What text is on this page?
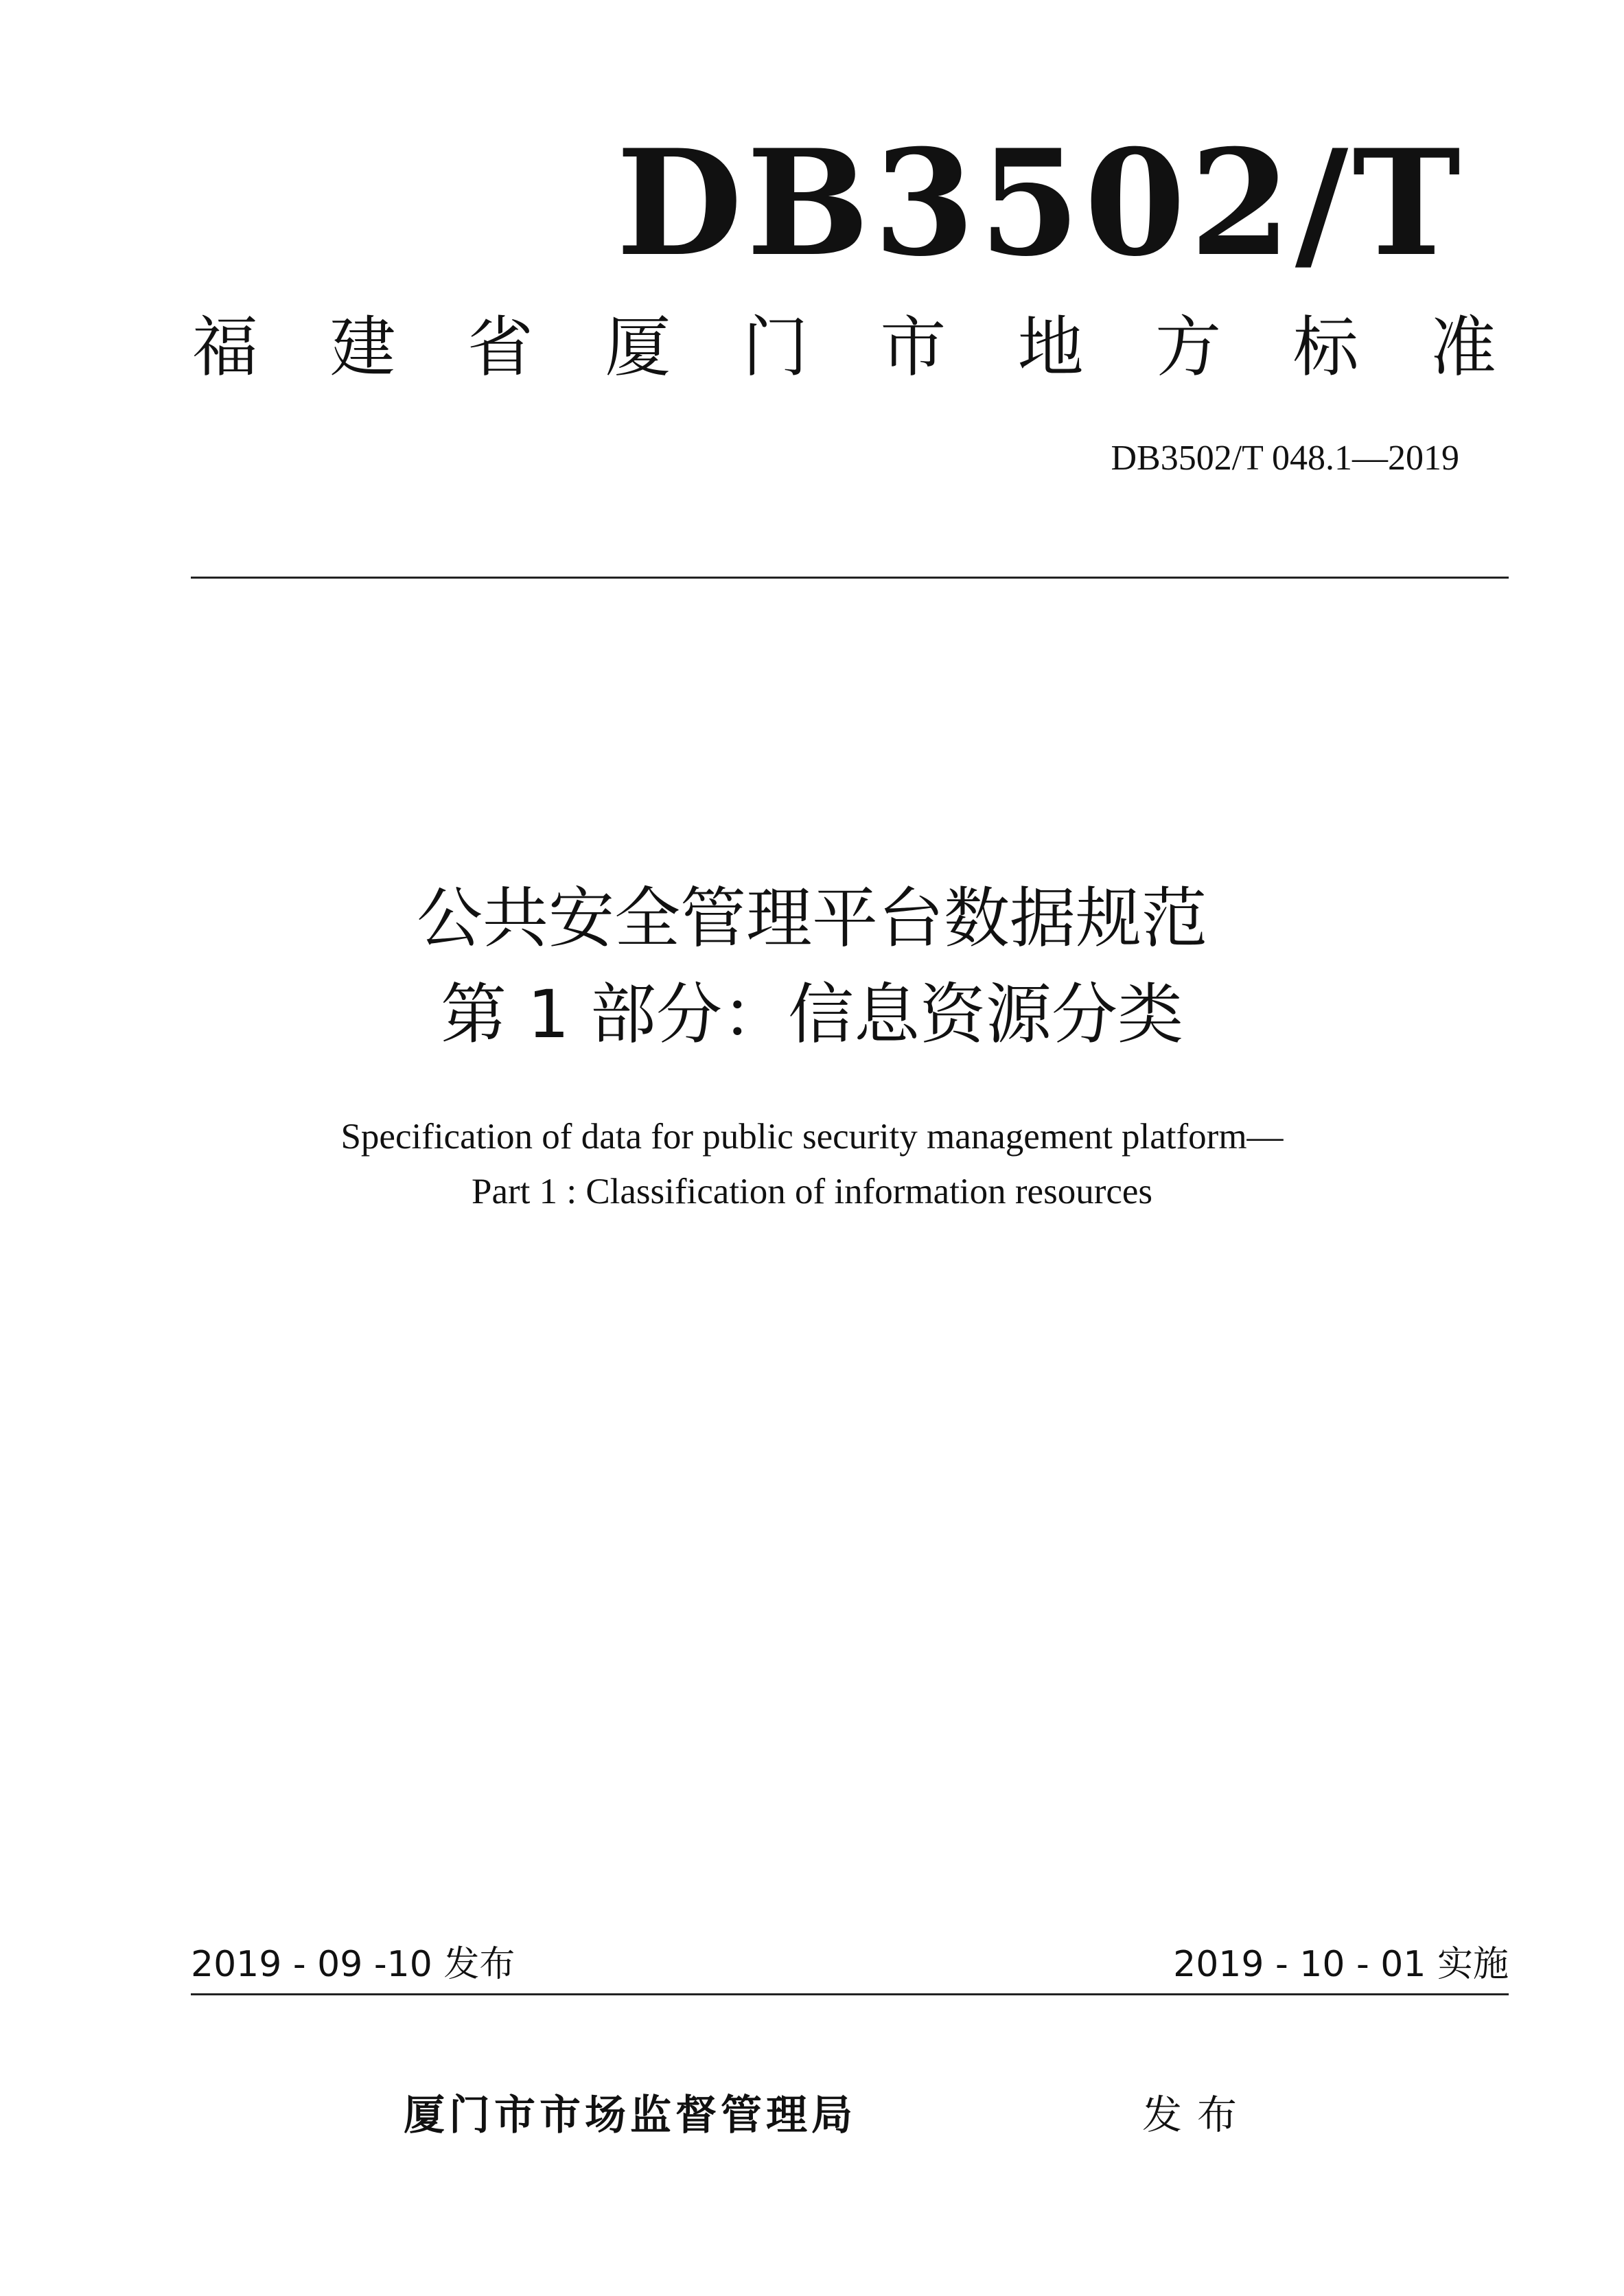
DB3502/T
福 建 省 厦 门 市 地 方 标 准
DB3502/T 048.1—2019
公共安全管理平台数据规范
第 1 部分：信息资源分类
Specification of data for public security management platform—
Part 1 : Classification of information resources
2019 - 09 -10 发布	2019 - 10 - 01 实施
厦门市市场监督管理局	发布
